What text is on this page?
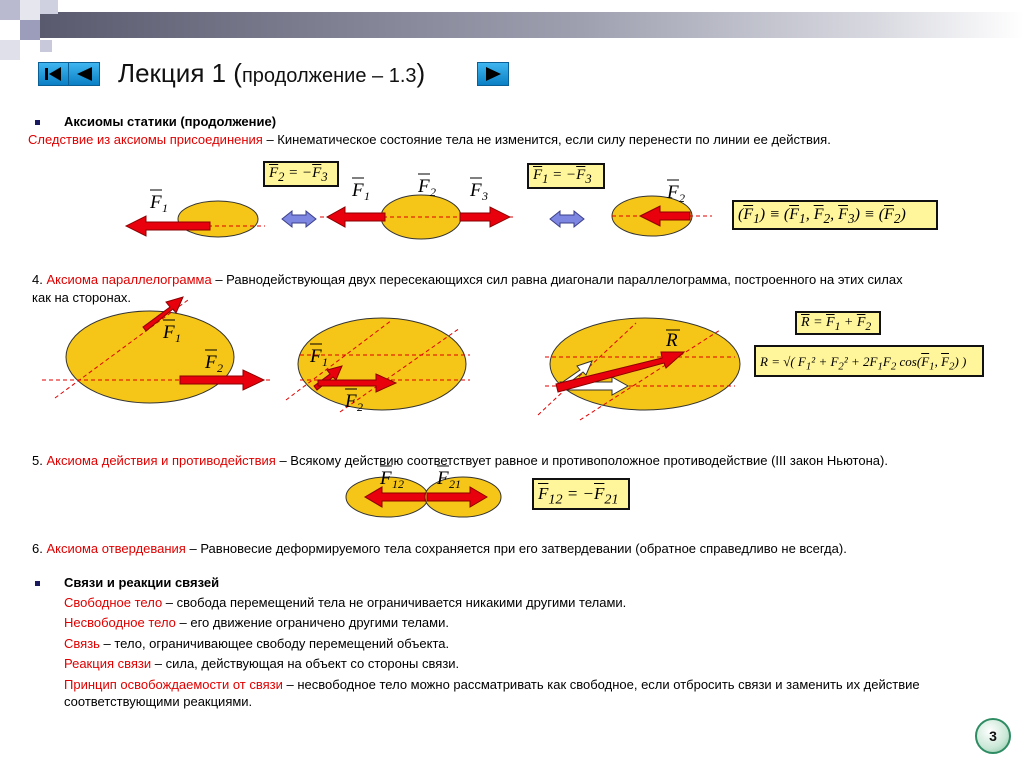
Лекция 1 (продолжение – 1.3)
Аксиомы статики (продолжение)
Следствие из аксиомы присоединения – Кинематическое состояние тела не изменится, если силу перенести по линии ее действия.
$\overline{F}_2 = -\overline{F}_3$	$\overline{F}_1 = -\overline{F}_3$
$(\overline{F}_1) \equiv (\overline{F}_1$, $\overline{F}_2$, $\overline{F}_3) \equiv (\overline{F}_2)$
4. Аксиома параллелограмма – Равнодействующая двух пересекающихся сил равна диагонали параллелограмма, построенного на этих силах
как на сторонах.
$\overline{R} = \overline{F}_1 + \overline{F}_2$
R = √( $F_1^2 + F_2^2 + 2F_1F_2$ $\cos(\overline{F}_1$, $\overline{F}_2$) )
5. Аксиома действия и противодействия – Всякому действию соответствует равное и противоположное противодействие (III закон Ньютона).
$\overline{F}_{12} = -\overline{F}_{21}$
6. Аксиома отвердевания – Равновесие деформируемого тела сохраняется при его затвердевании (обратное справедливо не всегда).
Связи и реакции связей
Свободное тело – свобода перемещений тела не ограничивается никакими другими телами.
Несвободное тело – его движение ограничено другими телами.
Связь – тело, ограничивающее свободу перемещений объекта.
Реакция связи – сила, действующая на объект со стороны связи.
Принцип освобождаемости от связи – несвободное тело можно рассматривать как свободное, если отбросить связи и заменить их действие
соответствующими реакциями.
3
F 1
F 1	F 2 F 3	F 2
F 1
F 2
F 1
F 2
R
F 12 F 21
